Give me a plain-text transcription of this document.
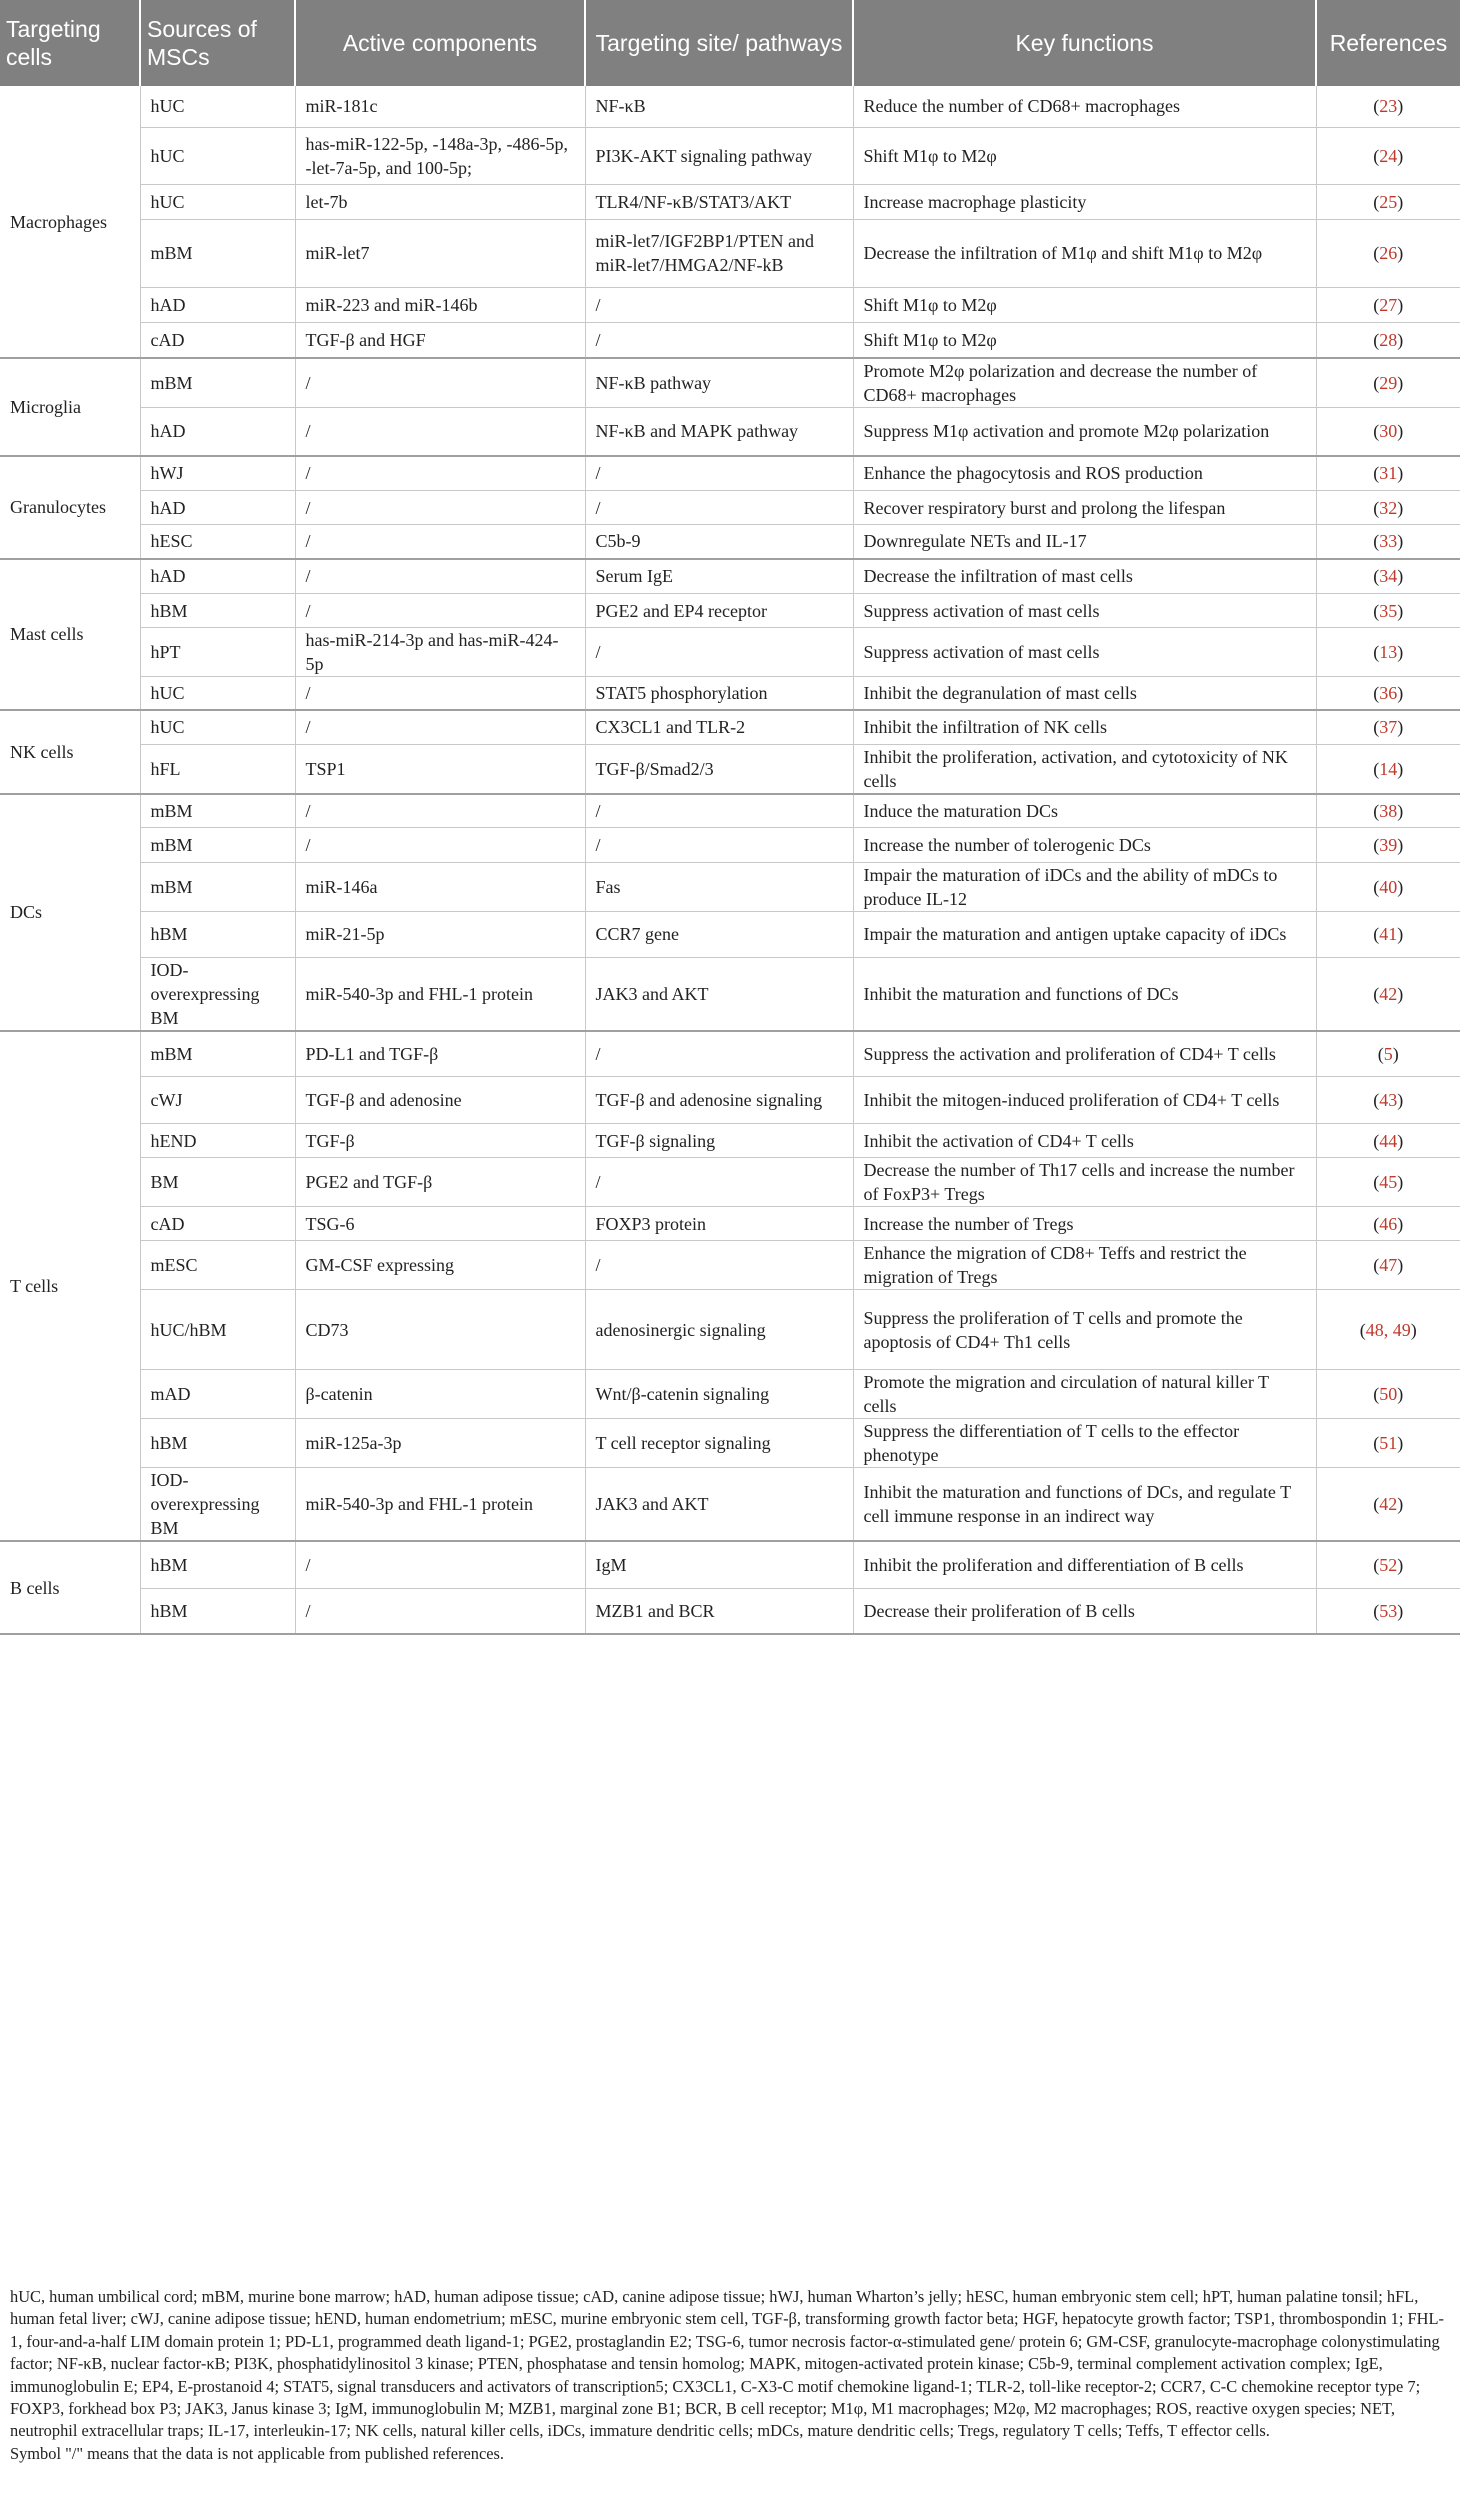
Targeting cells	Sources of MSCs	Active components	Targeting site/ pathways	Key functions	References
Macrophages	hUC	miR-181c	NF-κB	Reduce the number of CD68+ macrophages	(23)
	hUC	has-miR-122-5p, -148a-3p, -486-5p, -let-7a-5p, and 100-5p;	PI3K-AKT signaling pathway	Shift M1φ to M2φ	(24)
	hUC	let-7b	TLR4/NF-κB/STAT3/AKT	Increase macrophage plasticity	(25)
	mBM	miR-let7	miR-let7/IGF2BP1/PTEN and miR-let7/HMGA2/NF-kB	Decrease the infiltration of M1φ and shift M1φ to M2φ	(26)
	hAD	miR-223 and miR-146b	/	Shift M1φ to M2φ	(27)
	cAD	TGF-β and HGF	/	Shift M1φ to M2φ	(28)
Microglia	mBM	/	NF-κB pathway	Promote M2φ polarization and decrease the number of CD68+ macrophages	(29)
	hAD	/	NF-κB and MAPK pathway	Suppress M1φ activation and promote M2φ polarization	(30)
Granulocytes	hWJ	/	/	Enhance the phagocytosis and ROS production	(31)
	hAD	/	/	Recover respiratory burst and prolong the lifespan	(32)
	hESC	/	C5b-9	Downregulate NETs and IL-17	(33)
Mast cells	hAD	/	Serum IgE	Decrease the infiltration of mast cells	(34)
	hBM	/	PGE2 and EP4 receptor	Suppress activation of mast cells	(35)
	hPT	has-miR-214-3p and has-miR-424-5p	/	Suppress activation of mast cells	(13)
	hUC	/	STAT5 phosphorylation	Inhibit the degranulation of mast cells	(36)
NK cells	hUC	/	CX3CL1 and TLR-2	Inhibit the infiltration of NK cells	(37)
	hFL	TSP1	TGF-β/Smad2/3	Inhibit the proliferation, activation, and cytotoxicity of NK cells	(14)
DCs	mBM	/	/	Induce the maturation DCs	(38)
	mBM	/	/	Increase the number of tolerogenic DCs	(39)
	mBM	miR-146a	Fas	Impair the maturation of iDCs and the ability of mDCs to produce IL-12	(40)
	hBM	miR-21-5p	CCR7 gene	Impair the maturation and antigen uptake capacity of iDCs	(41)
	IOD-overexpressing BM	miR-540-3p and FHL-1 protein	JAK3 and AKT	Inhibit the maturation and functions of DCs	(42)
T cells	mBM	PD-L1 and TGF-β	/	Suppress the activation and proliferation of CD4+ T cells	(5)
	cWJ	TGF-β and adenosine	TGF-β and adenosine signaling	Inhibit the mitogen-induced proliferation of CD4+ T cells	(43)
	hEND	TGF-β	TGF-β signaling	Inhibit the activation of CD4+ T cells	(44)
	BM	PGE2 and TGF-β	/	Decrease the number of Th17 cells and increase the number of FoxP3+ Tregs	(45)
	cAD	TSG-6	FOXP3 protein	Increase the number of Tregs	(46)
	mESC	GM-CSF expressing	/	Enhance the migration of CD8+ Teffs and restrict the migration of Tregs	(47)
	hUC/hBM	CD73	adenosinergic signaling	Suppress the proliferation of T cells and promote the apoptosis of CD4+ Th1 cells	(48, 49)
	mAD	β-catenin	Wnt/β-catenin signaling	Promote the migration and circulation of natural killer T cells	(50)
	hBM	miR-125a-3p	T cell receptor signaling	Suppress the differentiation of T cells to the effector phenotype	(51)
	IOD-overexpressing BM	miR-540-3p and FHL-1 protein	JAK3 and AKT	Inhibit the maturation and functions of DCs, and regulate T cell immune response in an indirect way	(42)
B cells	hBM	/	IgM	Inhibit the proliferation and differentiation of B cells	(52)
	hBM	/	MZB1 and BCR	Decrease their proliferation of B cells	(53)

hUC, human umbilical cord; mBM, murine bone marrow; hAD, human adipose tissue; cAD, canine adipose tissue; hWJ, human Wharton’s jelly; hESC, human embryonic stem cell; hPT, human palatine tonsil; hFL, human fetal liver; cWJ, canine adipose tissue; hEND, human endometrium; mESC, murine embryonic stem cell, TGF-β, transforming growth factor beta; HGF, hepatocyte growth factor; TSP1, thrombospondin 1; FHL-1, four-and-a-half LIM domain protein 1; PD-L1, programmed death ligand-1; PGE2, prostaglandin E2; TSG-6, tumor necrosis factor-α-stimulated gene/ protein 6; GM-CSF, granulocyte-macrophage colonystimulating factor; NF-κB, nuclear factor-κB; PI3K, phosphatidylinositol 3 kinase; PTEN, phosphatase and tensin homolog; MAPK, mitogen-activated protein kinase; C5b-9, terminal complement activation complex; IgE, immunoglobulin E; EP4, E-prostanoid 4; STAT5, signal transducers and activators of transcription5; CX3CL1, C-X3-C motif chemokine ligand-1; TLR-2, toll-like receptor-2; CCR7, C-C chemokine receptor type 7; FOXP3, forkhead box P3; JAK3, Janus kinase 3; IgM, immunoglobulin M; MZB1, marginal zone B1; BCR, B cell receptor; M1φ, M1 macrophages; M2φ, M2 macrophages; ROS, reactive oxygen species; NET, neutrophil extracellular traps; IL-17, interleukin-17; NK cells, natural killer cells, iDCs, immature dendritic cells; mDCs, mature dendritic cells; Tregs, regulatory T cells; Teffs, T effector cells.

Symbol "/" means that the data is not applicable from published references.
